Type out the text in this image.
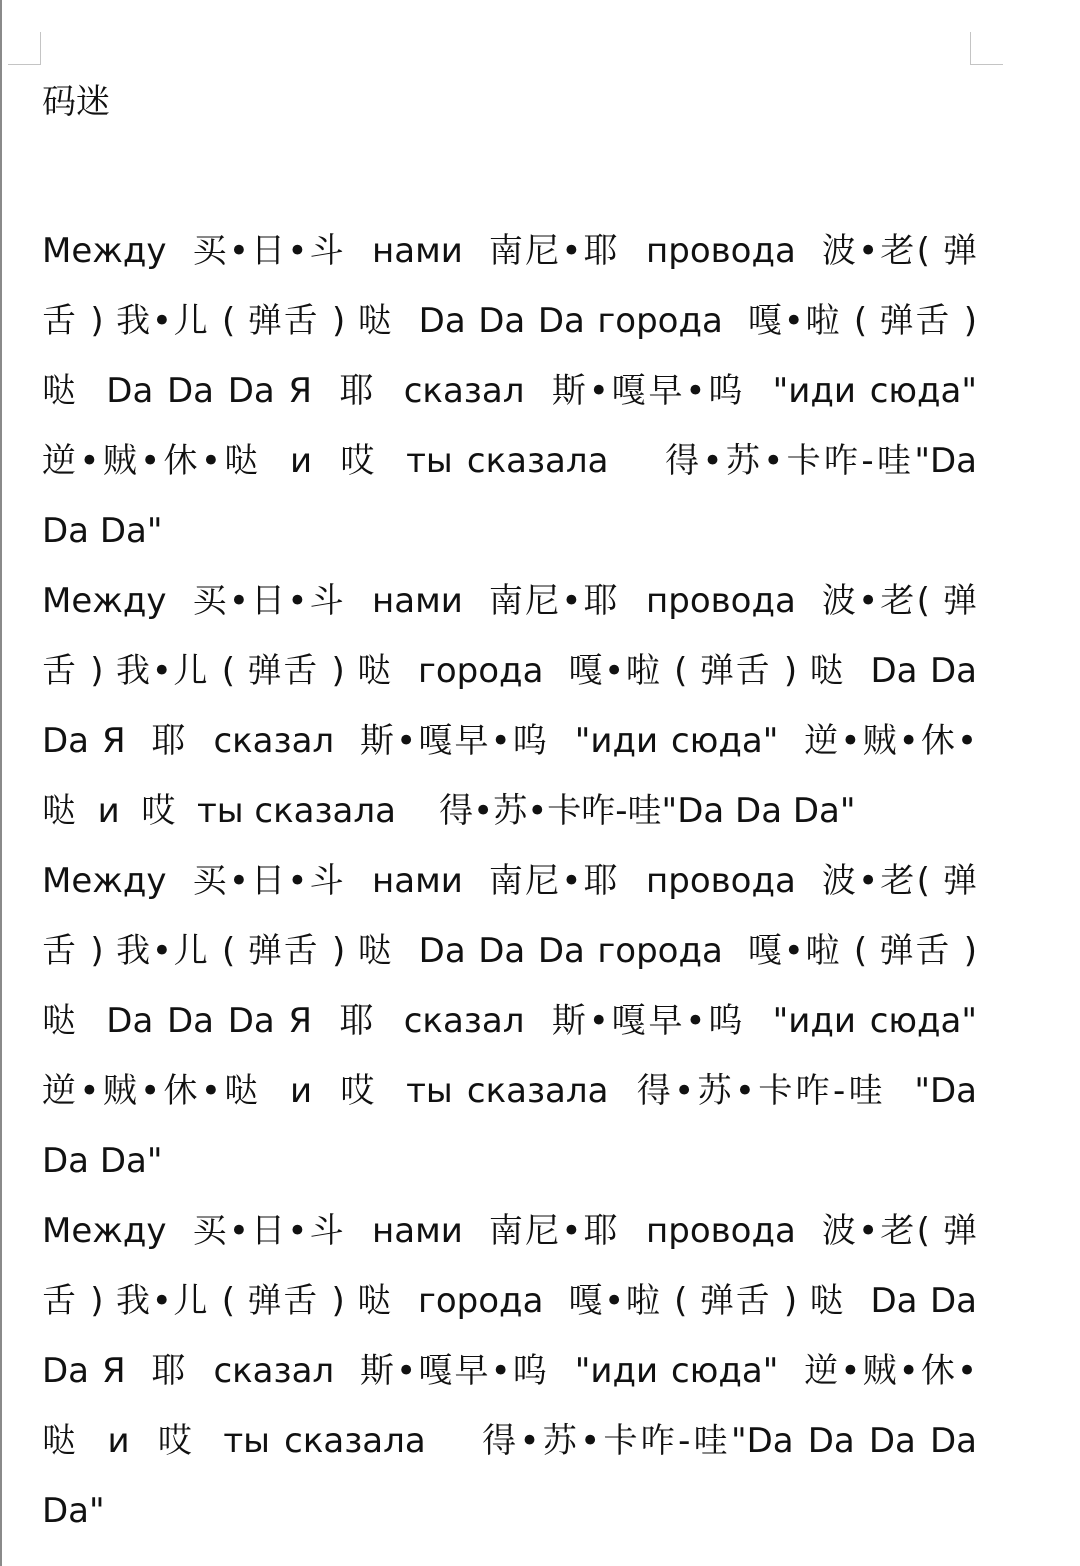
码迷

Между  买•日•斗  нами  南尼•耶  провода  波•老( 弹
舌 ) 我•儿 ( 弹舌 ) 哒  Da Da Da города  嘎•啦 ( 弹舌 )
哒  Da Da Da Я  耶  сказал  斯•嘎早•呜  "иди сюда"
逆•贼•休•哒  и  哎  ты сказала    得•苏•卡咋-哇"Da
Da Da"

Между  买•日•斗  нами  南尼•耶  провода  波•老( 弹
舌 ) 我•儿 ( 弹舌 ) 哒  города  嘎•啦 ( 弹舌 ) 哒  Da Da
Da Я  耶  сказал  斯•嘎早•呜  "иди сюда"  逆•贼•休•
哒  и  哎  ты сказала    得•苏•卡咋-哇"Da Da Da"

Между  买•日•斗  нами  南尼•耶  провода  波•老( 弹
舌 ) 我•儿 ( 弹舌 ) 哒  Da Da Da города  嘎•啦 ( 弹舌 )
哒  Da Da Da Я  耶  сказал  斯•嘎早•呜  "иди сюда"
逆•贼•休•哒  и  哎  ты сказала  得•苏•卡咋-哇  "Da
Da Da"

Между  买•日•斗  нами  南尼•耶  провода  波•老( 弹
舌 ) 我•儿 ( 弹舌 ) 哒  города  嘎•啦 ( 弹舌 ) 哒  Da Da
Da Я  耶  сказал  斯•嘎早•呜  "иди сюда"  逆•贼•休•
哒  и  哎  ты сказала    得•苏•卡咋-哇"Da Da Da Da
Da"
